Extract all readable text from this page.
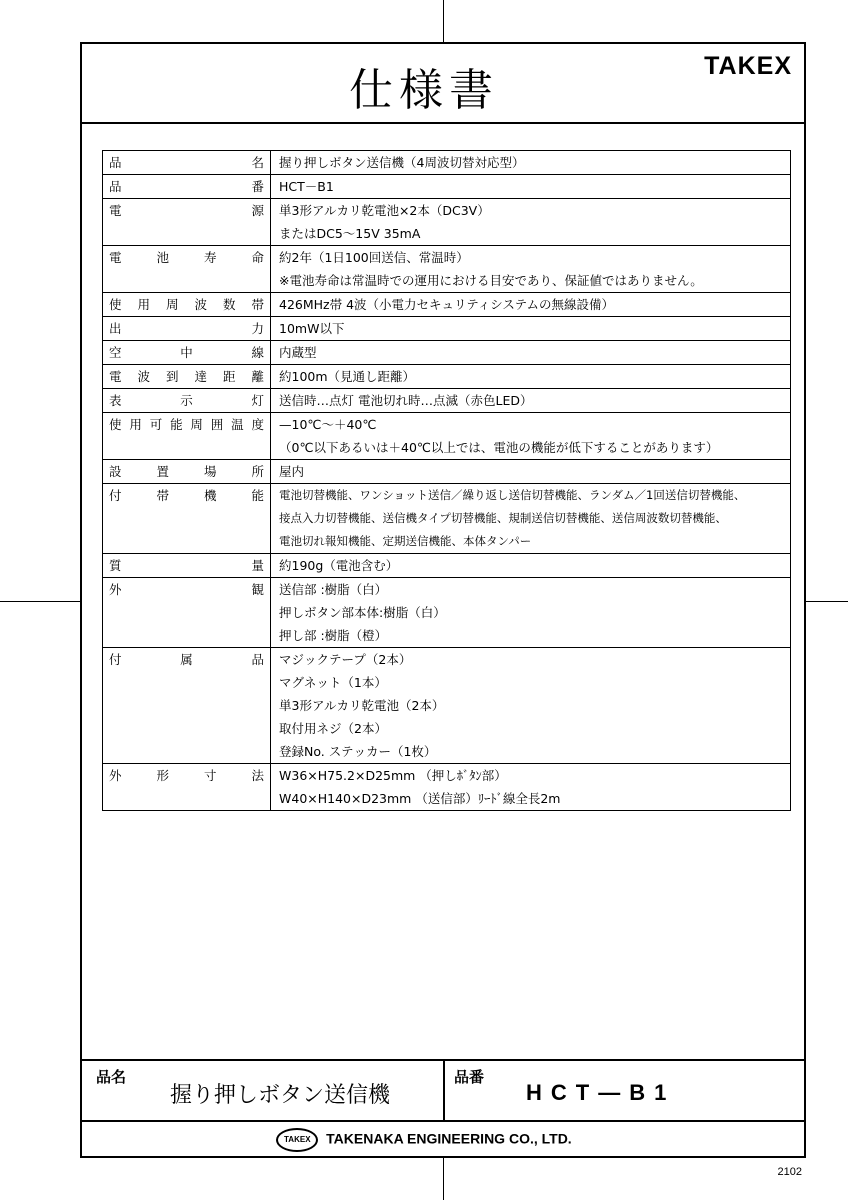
仕様書	TAKEX
品名	握り押しボタン送信機（4周波切替対応型）

品番	HCT－B1

電源	単3形アルカリ乾電池×2本（DC3V）
またはDC5～15V 35mA

電池寿命	約2年（1日100回送信、常温時）
※電池寿命は常温時での運用における目安であり、保証値ではありません。

使用周波数帯	426MHz帯 4波（小電力セキュリティシステムの無線設備）

出力	10mW以下

空中線	内蔵型

電波到達距離	約100m（見通し距離）

表示灯	送信時…点灯 電池切れ時…点滅（赤色LED）

使用可能周囲温度	—10℃～＋40℃
（0℃以下あるいは＋40℃以上では、電池の機能が低下することがあります）

設置場所	屋内

付帯機能	電池切替機能、ワンショット送信／繰り返し送信切替機能、ランダム／1回送信切替機能、
接点入力切替機能、送信機タイプ切替機能、規制送信切替機能、送信周波数切替機能、
電池切れ報知機能、定期送信機能、本体タンパー

質量	約190g（電池含む）

外観	送信部 :樹脂（白）
押しボタン部本体:樹脂（白）
押し部 :樹脂（橙）

付属品	マジックテープ（2本）
マグネット（1本）
単3形アルカリ乾電池（2本）
取付用ネジ（2本）
登録No. ステッカー（1枚）

外形寸法	W36×H75.2×D25mm （押しﾎﾞﾀﾝ部）
W40×H140×D23mm （送信部）ﾘｰﾄﾞ線全長2m
品名
握り押しボタン送信機
品番
HCT—B1
TAKEX TAKENAKA ENGINEERING CO., LTD.
2102
